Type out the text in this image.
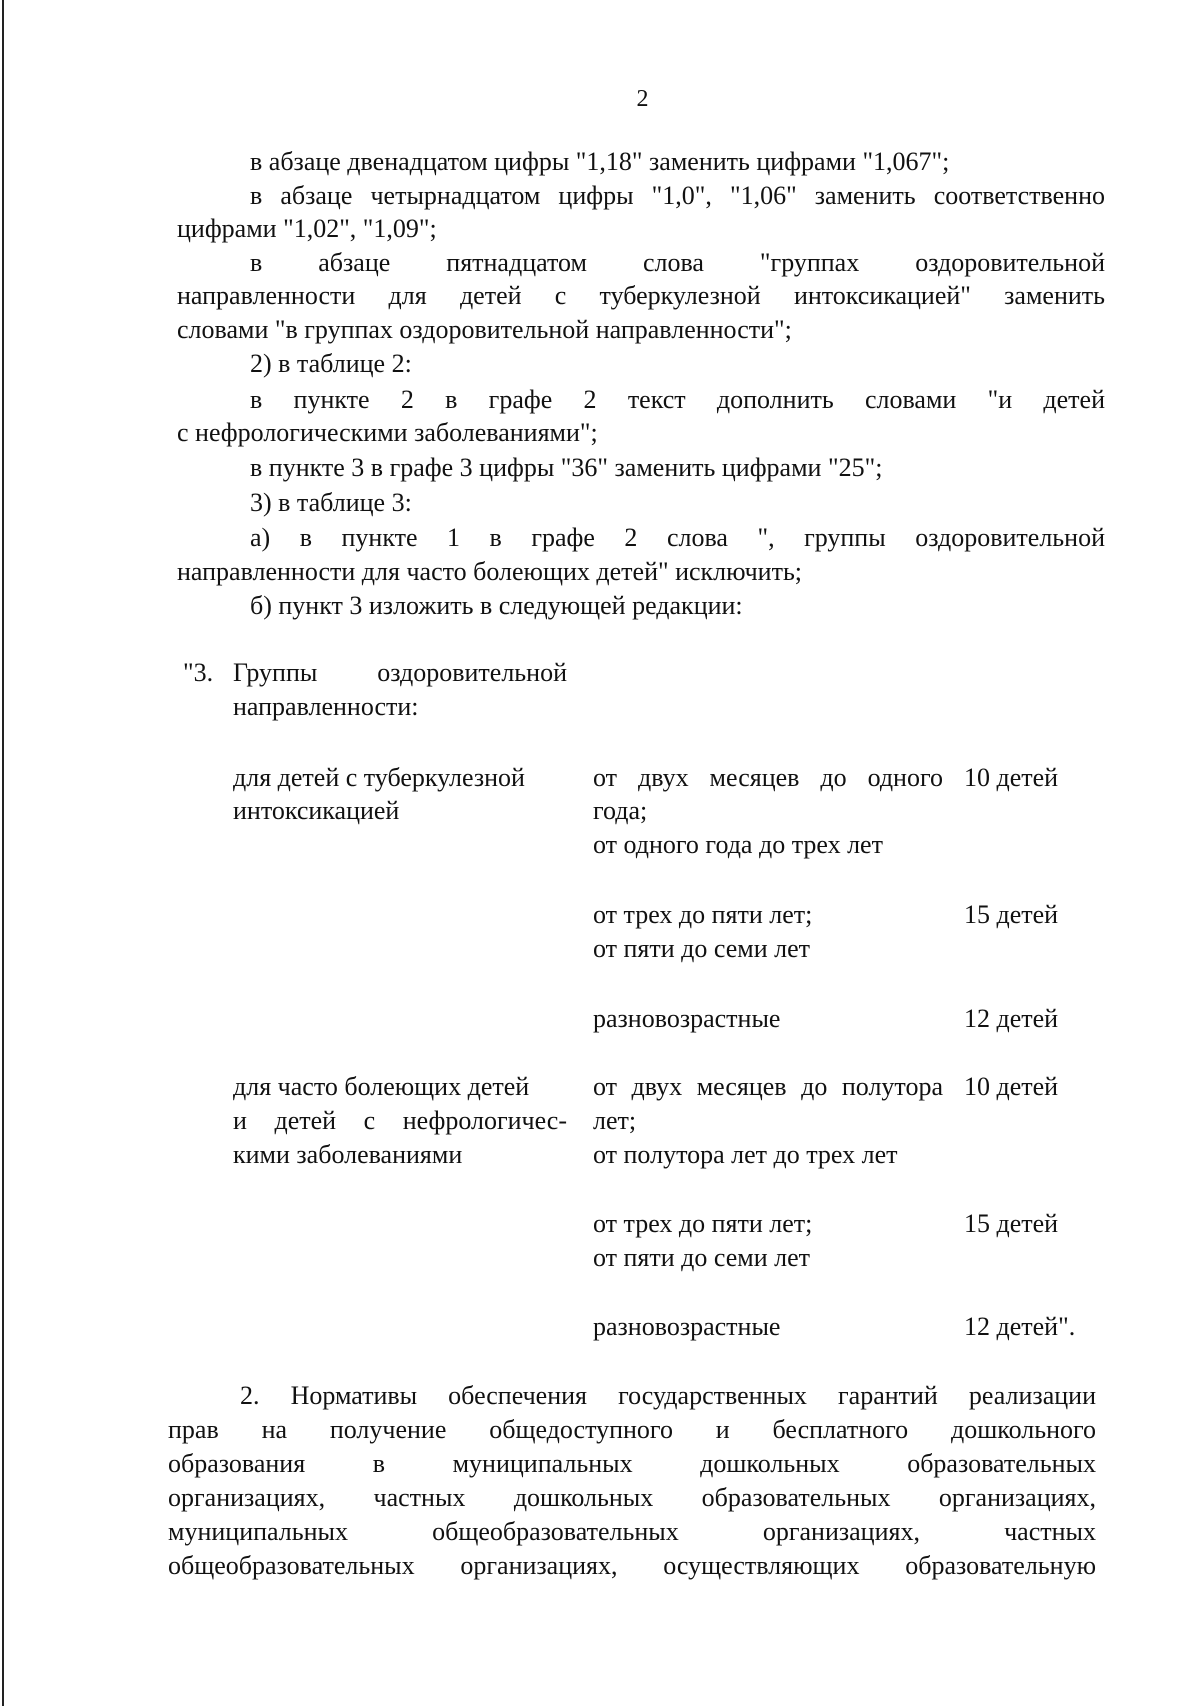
2
в абзаце двенадцатом цифры "1,18" заменить цифрами "1,067";
в абзаце четырнадцатом цифры "1,0", "1,06" заменить соответственно
цифрами "1,02", "1,09";
в абзаце пятнадцатом слова "группах оздоровительной
направленности для детей с туберкулезной интоксикацией" заменить
словами "в группах оздоровительной направленности";
2) в таблице 2:
в пункте 2 в графе 2 текст дополнить словами "и детей
с нефрологическими заболеваниями";
в пункте 3 в графе 3 цифры "36" заменить цифрами "25";
3) в таблице 3:
а) в пункте 1 в графе 2 слова ", группы оздоровительной
направленности для часто болеющих детей" исключить;
б) пункт 3 изложить в следующей редакции:
"3. Группы оздоровительной
направленности:
для детей с туберкулезной
интоксикацией
от двух месяцев до одного
года;
от одного года до трех лет
10 детей
от трех до пяти лет;
от пяти до семи лет
15 детей
разновозрастные	12 детей
для часто болеющих детей
и детей с нефрологичес-
кими заболеваниями
от двух месяцев до полутора
лет;
от полутора лет до трех лет
10 детей
от трех до пяти лет;
от пяти до семи лет
15 детей
разновозрастные	12 детей".
2. Нормативы обеспечения государственных гарантий реализации
прав на получение общедоступного и бесплатного дошкольного
образования в муниципальных дошкольных образовательных
организациях, частных дошкольных образовательных организациях,
муниципальных общеобразовательных организациях, частных
общеобразовательных организациях, осуществляющих образовательную
